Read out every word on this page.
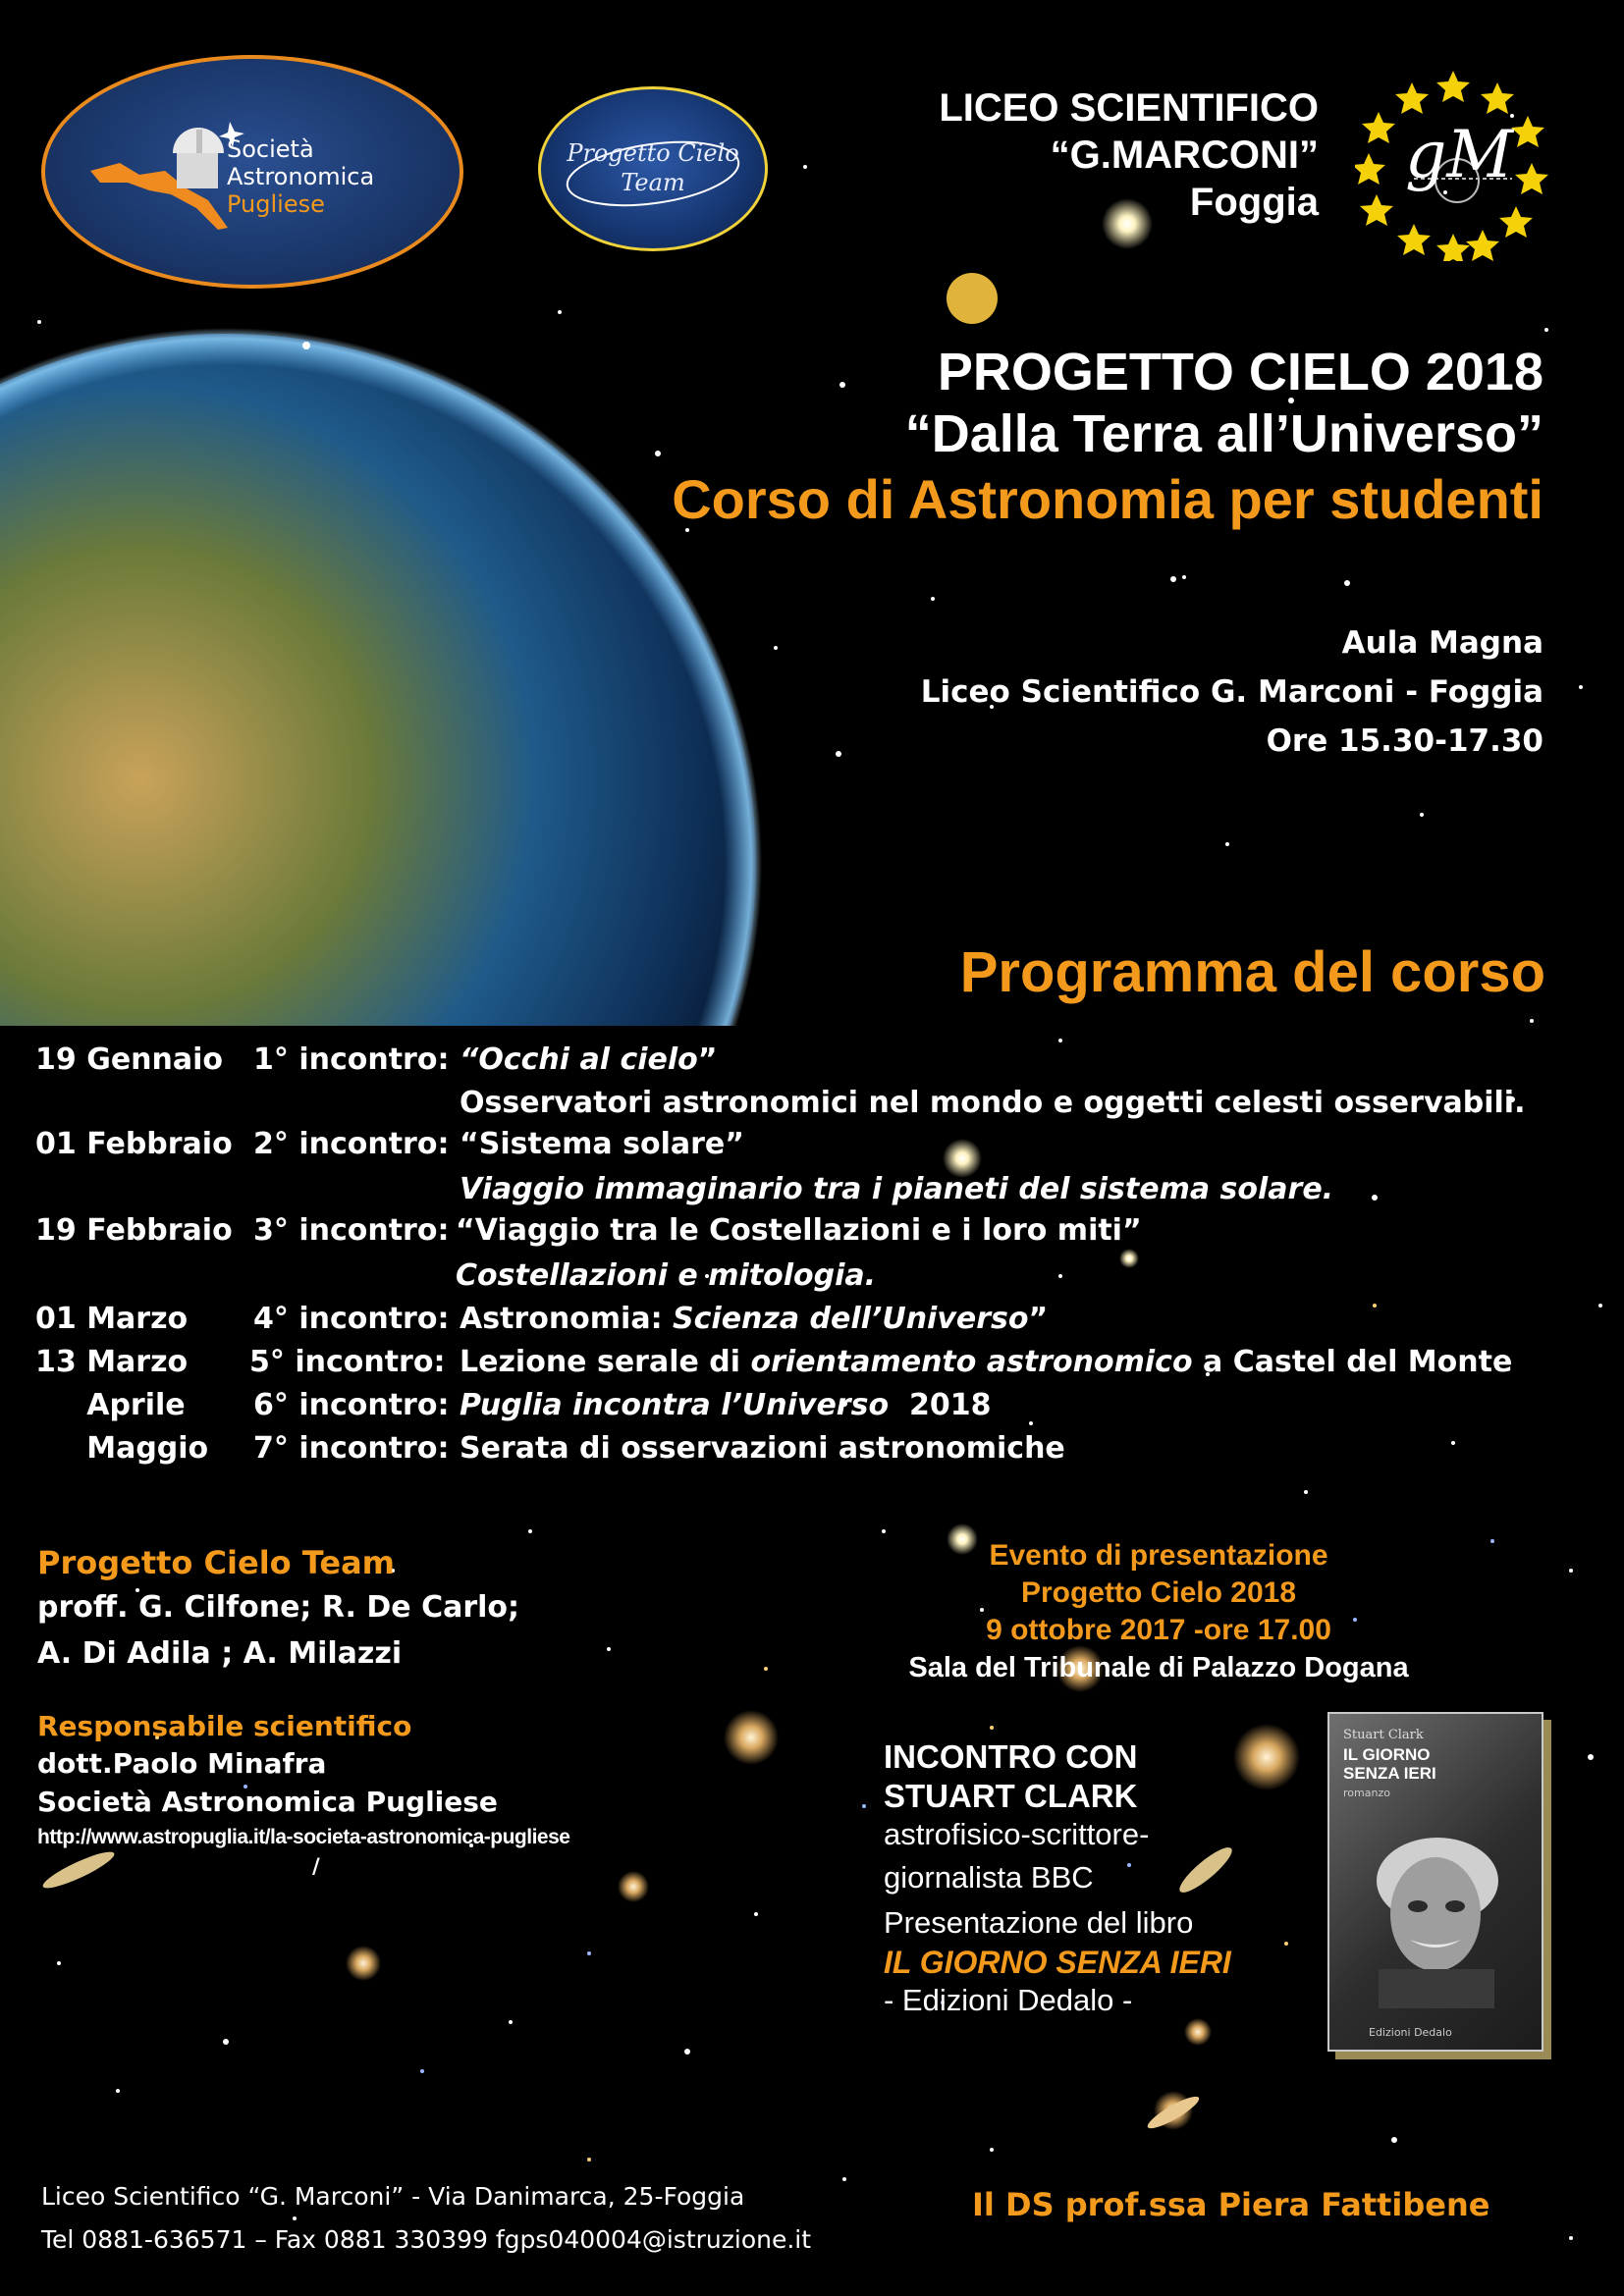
Società
Astronomica
Pugliese
Progetto Cielo
Team
LICEO SCIENTIFICO
“G.MARCONI”
Foggia
gM
PROGETTO CIELO 2018
“Dalla Terra all’Universo”
Corso di Astronomia per studenti
Aula Magna
Liceo Scientifico G. Marconi - Foggia
Ore 15.30-17.30
Programma del corso
19 Gennaio 1° incontro: “Occhi al cielo”
Osservatori astronomici nel mondo e oggetti celesti osservabili.
01 Febbraio 2° incontro: “Sistema solare”
Viaggio immaginario tra i pianeti del sistema solare.
19 Febbraio 3° incontro: “Viaggio tra le Costellazioni e i loro miti”
Costellazioni e mitologia.
01 Marzo 4° incontro: Astronomia: Scienza dell’Universo”
13 Marzo 5° incontro: Lezione serale di orientamento astronomico a Castel del Monte
Aprile 6° incontro: Puglia incontra l’Universo  2018
Maggio 7° incontro: Serata di osservazioni astronomiche
Progetto Cielo Team
proff. G. Cilfone; R. De Carlo;
A. Di Adila ; A. Milazzi
Responsabile scientifico
dott.Paolo Minafra
Società Astronomica Pugliese
http://www.astropuglia.it/la-societa-astronomica-pugliese
/
Evento di presentazione
Progetto Cielo 2018
9 ottobre 2017 -ore 17.00
Sala del Tribunale di Palazzo Dogana
INCONTRO CON
STUART CLARK
astrofisico-scrittore-
giornalista BBC
Presentazione del libro
IL GIORNO SENZA IERI
- Edizioni Dedalo -
Stuart Clark
IL GIORNO
SENZA IERI
romanzo
Edizioni Dedalo
Liceo Scientifico “G. Marconi” - Via Danimarca, 25-Foggia
Tel 0881-636571 – Fax 0881 330399 fgps040004@istruzione.it
Il DS prof.ssa Piera Fattibene
